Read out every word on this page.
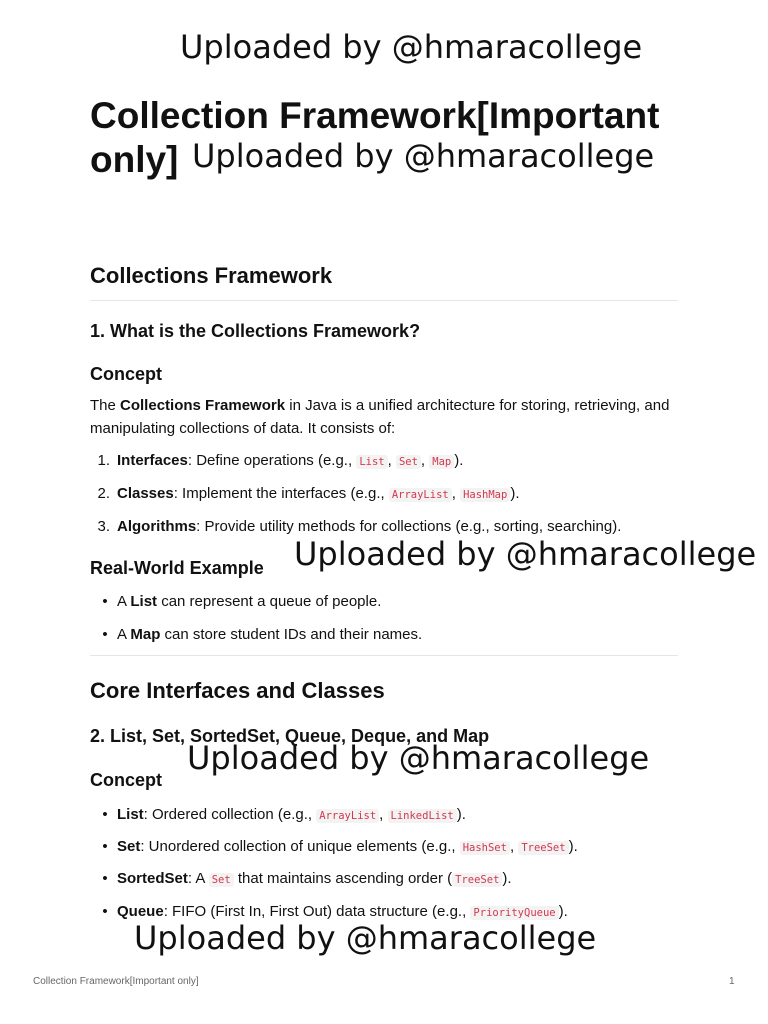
Uploaded by @hmaracollege
Collection Framework[Important
only] Uploaded by @hmaracollege
Collections Framework
1. What is the Collections Framework?
Concept

The Collections Framework in Java is a unified architecture for storing, retrieving, and manipulating collections of data. It consists of:

1. Interfaces: Define operations (e.g., List , Set , Map ).
2. Classes: Implement the interfaces (e.g., ArrayList , HashMap ).
3. Algorithms: Provide utility methods for collections (e.g., sorting, searching).
Real-World Example Uploaded by @hmaracollege
• A List can represent a queue of people.
• A Map can store student IDs and their names.
Core Interfaces and Classes
2. List, Set, SortedSet, Queue, Deque, and Map
Uploaded by @hmaracollege
Concept
• List: Ordered collection (e.g., ArrayList , LinkedList ).
• Set: Unordered collection of unique elements (e.g., HashSet , TreeSet ).
• SortedSet: A Set that maintains ascending order ( TreeSet ).
• Queue: FIFO (First In, First Out) data structure (e.g., PriorityQueue ).
Uploaded by @hmaracollege
Collection Framework[Important only]	1
